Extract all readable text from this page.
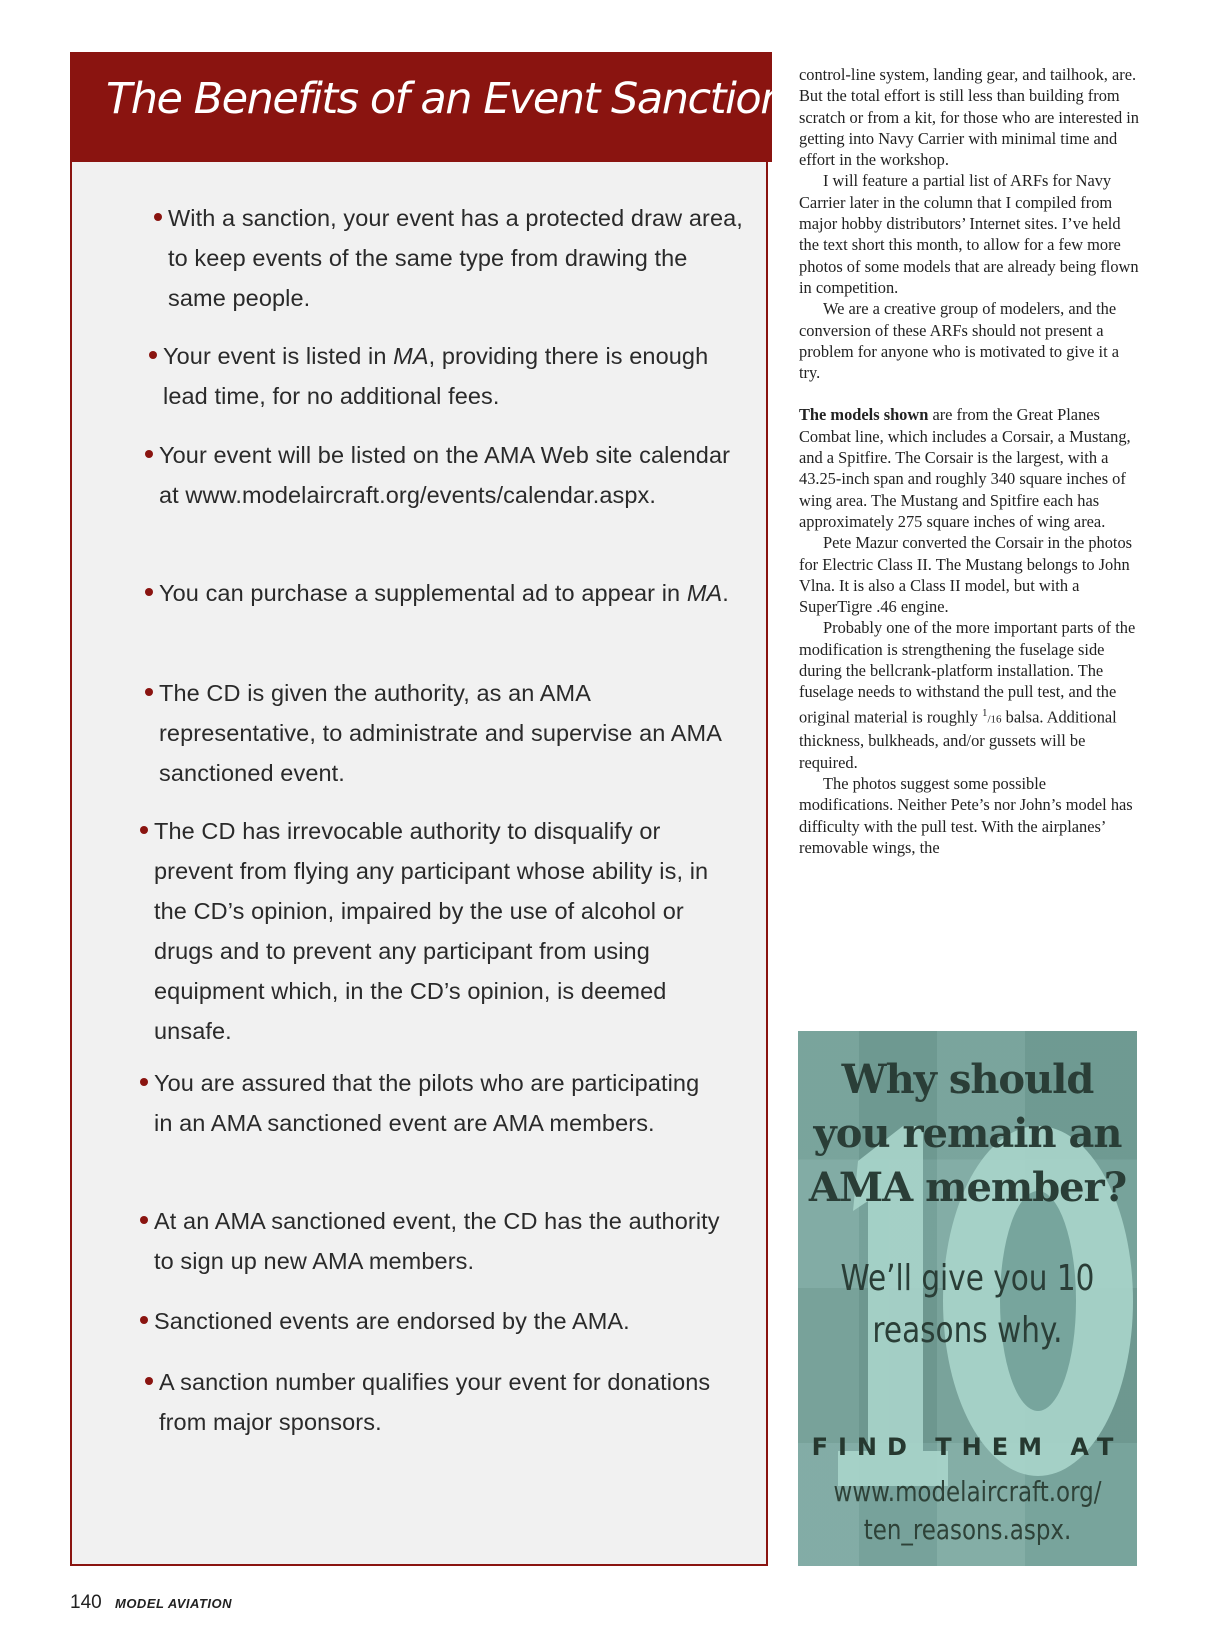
The Benefits of an Event Sanction
With a sanction, your event has a protected draw area, to keep events of the same type from drawing the same people.
Your event is listed in MA, providing there is enough lead time, for no additional fees.
Your event will be listed on the AMA Web site calendar at www.modelaircraft.org/events/calendar.aspx.
You can purchase a supplemental ad to appear in MA.
The CD is given the authority, as an AMA representative, to administrate and supervise an AMA sanctioned event.
The CD has irrevocable authority to disqualify or prevent from flying any participant whose ability is, in the CD’s opinion, impaired by the use of alcohol or drugs and to prevent any participant from using equipment which, in the CD’s opinion, is deemed unsafe.
You are assured that the pilots who are participating in an AMA sanctioned event are AMA members.
At an AMA sanctioned event, the CD has the authority to sign up new AMA members.
Sanctioned events are endorsed by the AMA.
A sanction number qualifies your event for donations from major sponsors.

control-line system, landing gear, and tailhook, are. But the total effort is still less than building from scratch or from a kit, for those who are interested in getting into Navy Carrier with minimal time and effort in the workshop.

I will feature a partial list of ARFs for Navy Carrier later in the column that I compiled from major hobby distributors’ Internet sites. I’ve held the text short this month, to allow for a few more photos of some models that are already being flown in competition.

We are a creative group of modelers, and the conversion of these ARFs should not present a problem for anyone who is motivated to give it a try.

The models shown are from the Great Planes Combat line, which includes a Corsair, a Mustang, and a Spitfire. The Corsair is the largest, with a 43.25-inch span and roughly 340 square inches of wing area. The Mustang and Spitfire each has approximately 275 square inches of wing area.

Pete Mazur converted the Corsair in the photos for Electric Class II. The Mustang belongs to John Vlna. It is also a Class II model, but with a SuperTigre .46 engine.

Probably one of the more important parts of the modification is strengthening the fuselage side during the bellcrank-platform installation. The fuselage needs to withstand the pull test, and the original material is roughly $^1$/16 balsa. Additional thickness, bulkheads, and/or gussets will be required.

The photos suggest some possible modifications. Neither Pete’s nor John’s model has difficulty with the pull test. With the airplanes’ removable wings, the

Why should you remain an AMA member?
We’ll give you 10 reasons why.
FIND THEM AT
www.modelaircraft.org/ ten_reasons.aspx.
140 MODEL AVIATION
